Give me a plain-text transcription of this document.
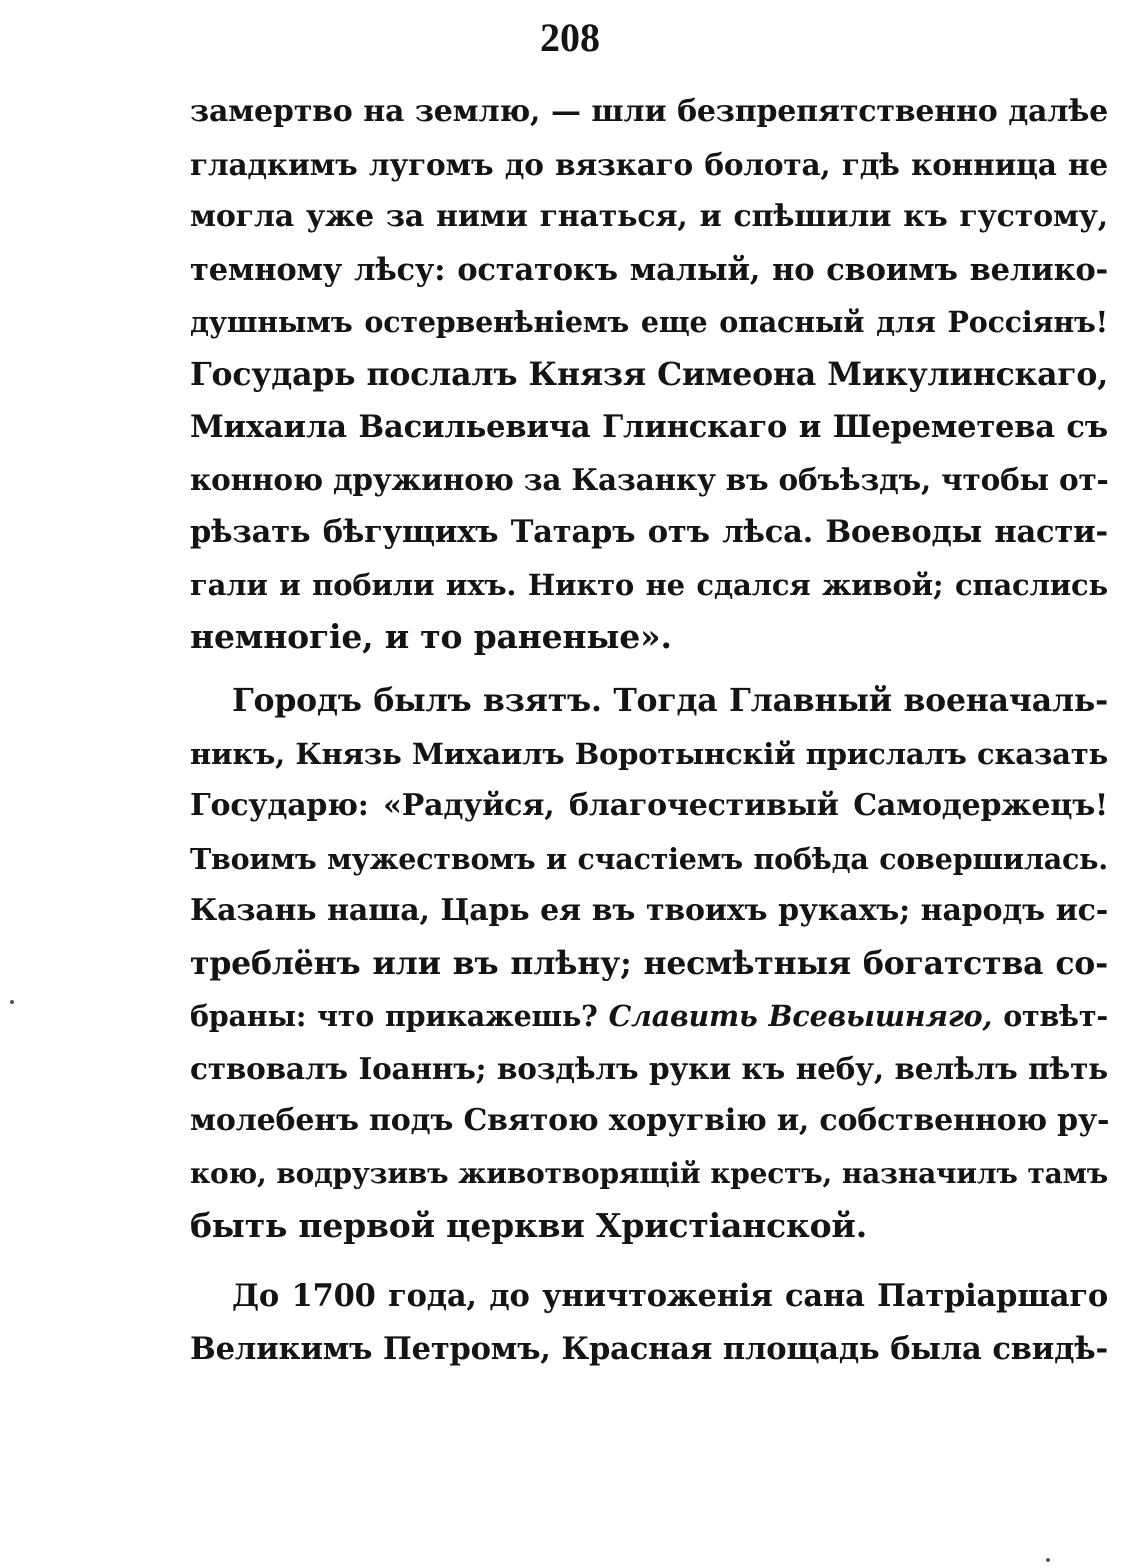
208
замертво на землю, — шли безпрепятственно далѣе
гладкимъ лугомъ до вязкаго болота, гдѣ конница не
могла уже за ними гнаться, и спѣшили къ густому,
темному лѣсу: остатокъ малый, но своимъ велико-
душнымъ остервенѣніемъ еще опасный для Россіянъ!
Государь послалъ Князя Симеона Микулинскаго,
Михаила Васильевича Глинскаго и Шереметева съ
конною дружиною за Казанку въ объѣздъ, чтобы от-
рѣзать бѣгущихъ Татаръ отъ лѣса. Воеводы насти-
гали и побили ихъ. Никто не сдался живой; спаслись
немногіе, и то раненые».
Городъ былъ взятъ. Тогда Главный военачаль-
никъ, Князь Михаилъ Воротынскій прислалъ сказать
Государю: «Радуйся, благочестивый Самодержецъ!
Твоимъ мужествомъ и счастіемъ побѣда совершилась.
Казань наша, Царь ея въ твоихъ рукахъ; народъ ис-
треблёнъ или въ плѣну; несмѣтныя богатства со-
браны: что прикажешь? Славить Всевышняго, отвѣт-
ствовалъ Іоаннъ; воздѣлъ руки къ небу, велѣлъ пѣть
молебенъ подъ Святою хоругвію и, собственною ру-
кою, водрузивъ животворящій крестъ, назначилъ тамъ
быть первой церкви Христіанской.
До 1700 года, до уничтоженія сана Патріаршаго
Великимъ Петромъ, Красная площадь была свидѣ-
